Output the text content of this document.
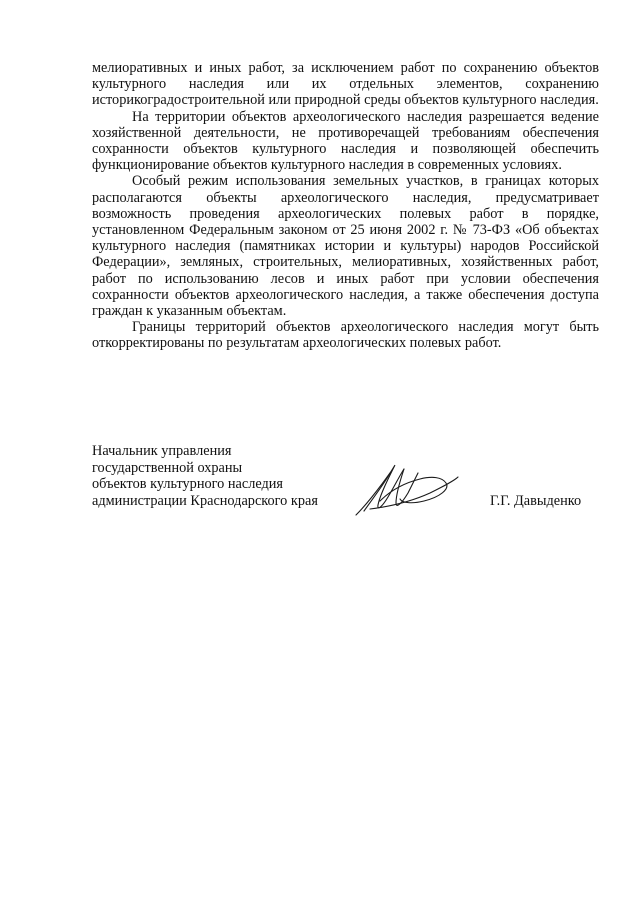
мелиоративных и иных работ, за исключением работ по сохранению объектов культурного наследия или их отдельных элементов, сохранению историкоградостроительной или природной среды объектов культурного наследия.

На территории объектов археологического наследия разрешается ведение хозяйственной деятельности, не противоречащей требованиям обеспечения сохранности объектов культурного наследия и позволяющей обеспечить функционирование объектов культурного наследия в современных условиях.

Особый режим использования земельных участков, в границах которых располагаются объекты археологического наследия, предусматривает возможность проведения археологических полевых работ в порядке, установленном Федеральным законом от 25 июня 2002 г. № 73-ФЗ «Об объектах культурного наследия (памятниках истории и культуры) народов Российской Федерации», земляных, строительных, мелиоративных, хозяйственных работ, работ по использованию лесов и иных работ при условии обеспечения сохранности объектов археологического наследия, а также обеспечения доступа граждан к указанным объектам.

Границы территорий объектов археологического наследия могут быть откорректированы по результатам археологических полевых работ.

Начальник управления
государственной охраны
объектов культурного наследия
администрации Краснодарского края	Г.Г. Давыденко
